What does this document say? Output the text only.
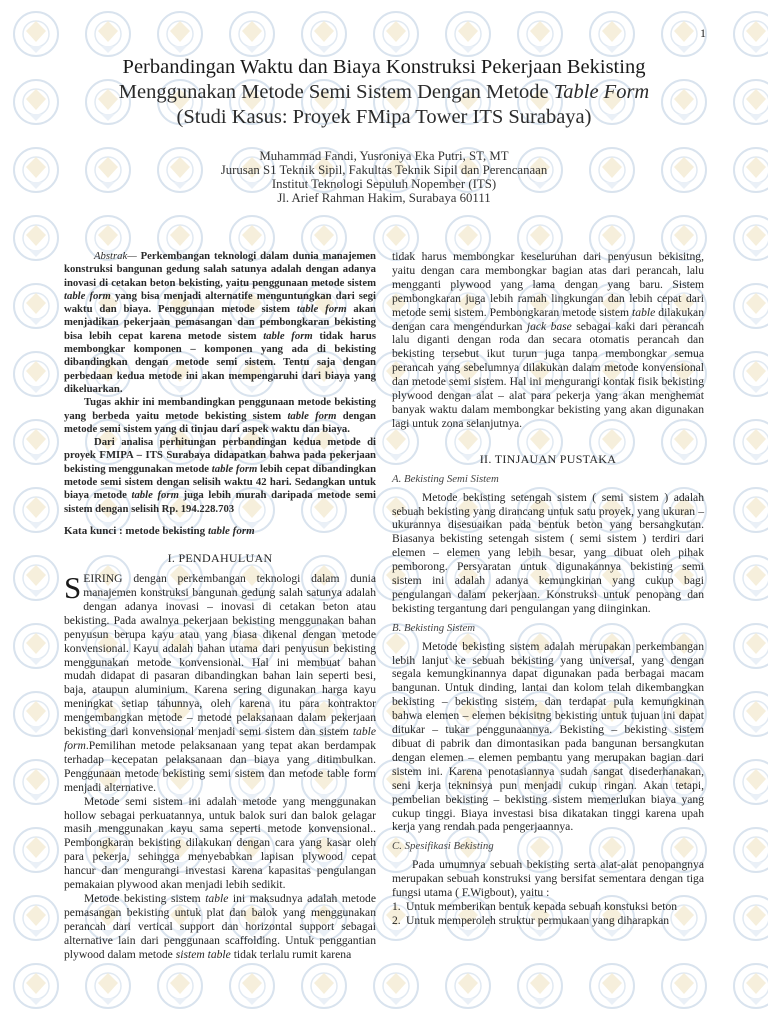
1
Perbandingan Waktu dan Biaya Konstruksi Pekerjaan Bekisting
Menggunakan Metode Semi Sistem Dengan Metode Table Form
(Studi Kasus: Proyek FMipa Tower ITS Surabaya)
Muhammad Fandi, Yusroniya Eka Putri, ST, MT
Jurusan S1 Teknik Sipil, Fakultas Teknik Sipil dan Perencanaan
Institut Teknologi Sepuluh Nopember (ITS)
Jl. Arief Rahman Hakim, Surabaya 60111

Abstrak— Perkembangan teknologi dalam dunia manajemen konstruksi bangunan gedung salah satunya adalah dengan adanya inovasi di cetakan beton bekisting, yaitu penggunaan metode sistem table form yang bisa menjadi alternatife menguntungkan dari segi waktu dan biaya. Penggunaan metode sistem table form akan menjadikan pekerjaan pemasangan dan pembongkaran bekisting bisa lebih cepat karena metode sistem table form tidak harus membongkar komponen – komponen yang ada di bekisting dibandingkan dengan metode semi sistem. Tentu saja dengan perbedaan kedua metode ini akan mempengaruhi dari biaya yang dikeluarkan.

Tugas akhir ini membandingkan penggunaan metode bekisting yang berbeda yaitu metode bekisting sistem table form dengan metode semi sistem yang di tinjau dari aspek waktu dan biaya.

Dari analisa perhitungan perbandingan kedua metode di proyek FMIPA – ITS Surabaya didapatkan bahwa pada pekerjaan bekisting menggunakan metode table form lebih cepat dibandingkan metode semi sistem dengan selisih waktu 42 hari. Sedangkan untuk biaya metode table form juga lebih murah daripada metode semi sistem dengan selisih Rp. 194.228.703

Kata kunci : metode bekisting table form

I. PENDAHULUAN

SEIRING dengan perkembangan teknologi dalam dunia manajemen konstruksi bangunan gedung salah satunya adalah dengan adanya inovasi – inovasi di cetakan beton atau bekisting. Pada awalnya pekerjaan bekisting menggunakan bahan penyusun berupa kayu atau yang biasa dikenal dengan metode konvensional. Kayu adalah bahan utama dari penyusun bekisting menggunakan metode konvensional. Hal ini membuat bahan mudah didapat di pasaran dibandingkan bahan lain seperti besi, baja, ataupun aluminium. Karena sering digunakan harga kayu meningkat setiap tahunnya, oleh karena itu para kontraktor mengembangkan metode – metode pelaksanaan dalam pekerjaan bekisting dari konvensional menjadi semi sistem dan sistem table form.Pemilihan metode pelaksanaan yang tepat akan berdampak terhadap kecepatan pelaksanaan dan biaya yang ditimbulkan. Penggunaan metode bekisting semi sistem dan metode table form menjadi alternative.

Metode semi sistem ini adalah metode yang menggunakan hollow sebagai perkuatannya, untuk balok suri dan balok gelagar masih menggunakan kayu sama seperti metode konvensional.. Pembongkaran bekisting dilakukan dengan cara yang kasar oleh para pekerja, sehingga menyebabkan lapisan plywood cepat hancur dan mengurangi investasi karena kapasitas pengulangan pemakaian plywood akan menjadi lebih sedikit.

Metode bekisting sistem table ini maksudnya adalah metode pemasangan bekisting untuk plat dan balok yang menggunakan perancah dari vertical support dan horizontal support sebagai alternative lain dari penggunaan scaffolding. Untuk penggantian plywood dalam metode sistem table tidak terlalu rumit karena

tidak harus membongkar keseluruhan dari penyusun bekisitng, yaitu dengan cara membongkar bagian atas dari perancah, lalu mengganti plywood yang lama dengan yang baru. Sistem pembongkaran juga lebih ramah lingkungan dan lebih cepat dari metode semi sistem. Pembongkaran metode sistem table dilakukan dengan cara mengendurkan jack base sebagai kaki dari perancah lalu diganti dengan roda dan secara otomatis perancah dan bekisting tersebut ikut turun juga tanpa membongkar semua perancah yang sebelumnya dilakukan dalam metode konvensional dan metode semi sistem. Hal ini mengurangi kontak fisik bekisting plywood dengan alat – alat para pekerja yang akan menghemat banyak waktu dalam membongkar bekisting yang akan digunakan lagi untuk zona selanjutnya.

II. TINJAUAN PUSTAKA

A. Bekisting Semi Sistem

Metode bekisting setengah sistem ( semi sistem ) adalah sebuah bekisting yang dirancang untuk satu proyek, yang ukuran – ukurannya disesuaikan pada bentuk beton yang bersangkutan. Biasanya bekisting setengah sistem ( semi sistem ) terdiri dari elemen – elemen yang lebih besar, yang dibuat oleh pihak pemborong. Persyaratan untuk digunakannya bekisting semi sistem ini adalah adanya kemungkinan yang cukup bagi pengulangan dalam pekerjaan. Konstruksi untuk penopang dan bekisting tergantung dari pengulangan yang diinginkan.

B. Bekisting Sistem

Metode bekisting sistem adalah merupakan perkembangan lebih lanjut ke sebuah bekisting yang universal, yang dengan segala kemungkinannya dapat digunakan pada berbagai macam bangunan. Untuk dinding, lantai dan kolom telah dikembangkan bekisting – bekisting sistem, dan terdapat pula kemungkinan bahwa elemen – elemen bekisitng bekisting untuk tujuan ini dapat ditukar – tukar penggunaannya. Bekisting – bekisting sistem dibuat di pabrik dan dimontasikan pada bangunan bersangkutan dengan elemen – elemen pembantu yang merupakan bagian dari sistem ini. Karena penotasiannya sudah sangat disederhanakan, seni kerja tekninsya pun menjadi cukup ringan. Akan tetapi, pembelian bekisting – bekisting sistem memerlukan biaya yang cukup tinggi. Biaya investasi bisa dikatakan tinggi karena upah kerja yang rendah pada pengerjaannya.

C. Spesifikasi Bekisting

Pada umumnya sebuah bekisting serta alat-alat penopangnya merupakan sebuah konstruksi yang bersifat sementara dengan tiga fungsi utama ( F.Wigbout), yaitu :

1. Untuk memberikan bentuk kepada sebuah konstuksi beton

2. Untuk memperoleh struktur permukaan yang diharapkan
